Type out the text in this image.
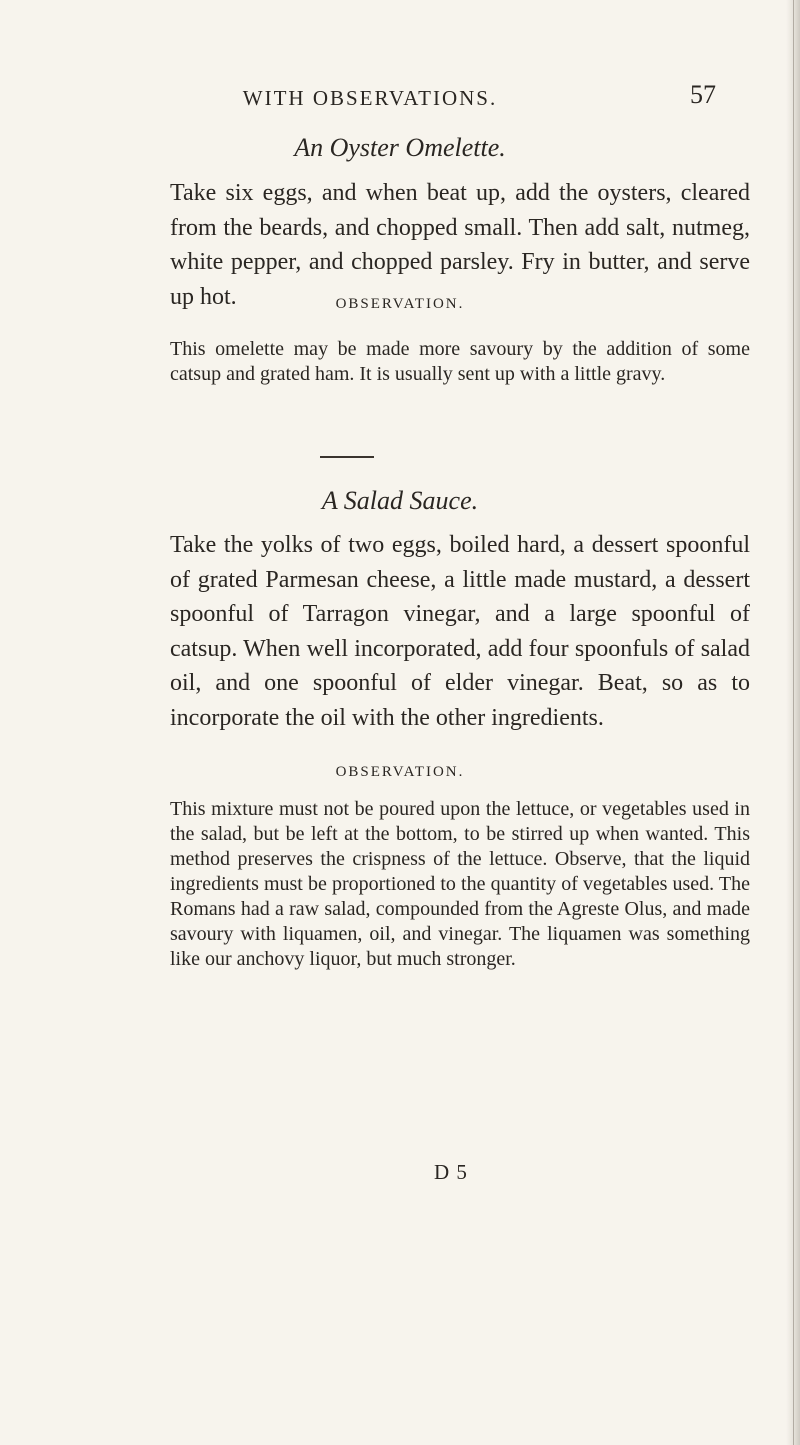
WITH OBSERVATIONS.	57
An Oyster Omelette.

Take six eggs, and when beat up, add the oysters, cleared from the beards, and chopped small. Then add salt, nutmeg, white pepper, and chopped parsley. Fry in butter, and serve up hot.	OBSERVATION.

This omelette may be made more savoury by the addition of some catsup and grated ham. It is usually sent up with a little gravy.

A Salad Sauce.

Take the yolks of two eggs, boiled hard, a dessert spoonful of grated Parmesan cheese, a little made mustard, a dessert spoonful of Tarragon vinegar, and a large spoonful of catsup. When well incorporated, add four spoonfuls of salad oil, and one spoonful of elder vinegar. Beat, so as to incorporate the oil with the other ingredients.

OBSERVATION.

This mixture must not be poured upon the lettuce, or vegetables used in the salad, but be left at the bottom, to be stirred up when wanted. This method preserves the crispness of the lettuce. Observe, that the liquid ingredients must be proportioned to the quantity of vegetables used. The Romans had a raw salad, compounded from the Agreste Olus, and made savoury with liquamen, oil, and vinegar. The liquamen was something like our anchovy liquor, but much stronger.

D 5
